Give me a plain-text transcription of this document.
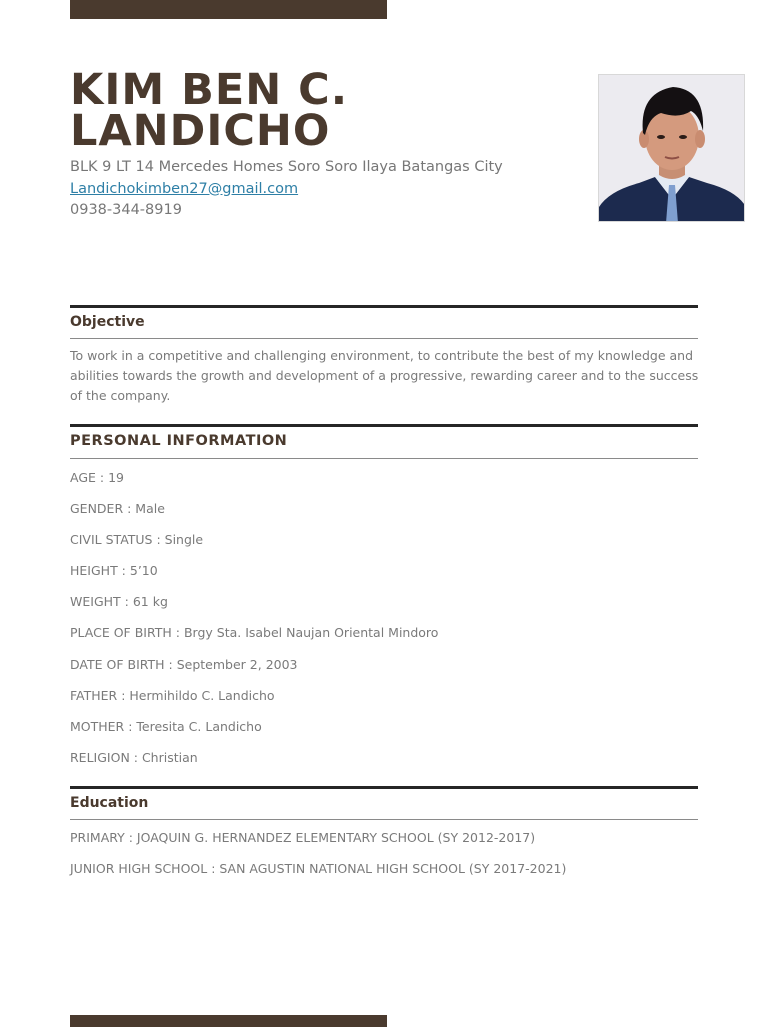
KIM BEN C. LANDICHO
BLK 9 LT 14 Mercedes Homes Soro Soro Ilaya Batangas City
Landichokimben27@gmail.com
0938-344-8919
Objective
To work in a competitive and challenging environment, to contribute the best of my knowledge and abilities towards the growth and development of a progressive, rewarding career and to the success of the company.
PERSONAL INFORMATION
AGE : 19
GENDER : Male
CIVIL STATUS : Single
HEIGHT : 5’10
WEIGHT : 61 kg
PLACE OF BIRTH : Brgy Sta. Isabel Naujan Oriental Mindoro
DATE OF BIRTH : September 2, 2003
FATHER : Hermihildo C. Landicho
MOTHER : Teresita C. Landicho
RELIGION : Christian
Education
PRIMARY : JOAQUIN G. HERNANDEZ ELEMENTARY SCHOOL (SY 2012-2017)
JUNIOR HIGH SCHOOL : SAN AGUSTIN NATIONAL HIGH SCHOOL (SY 2017-2021)
